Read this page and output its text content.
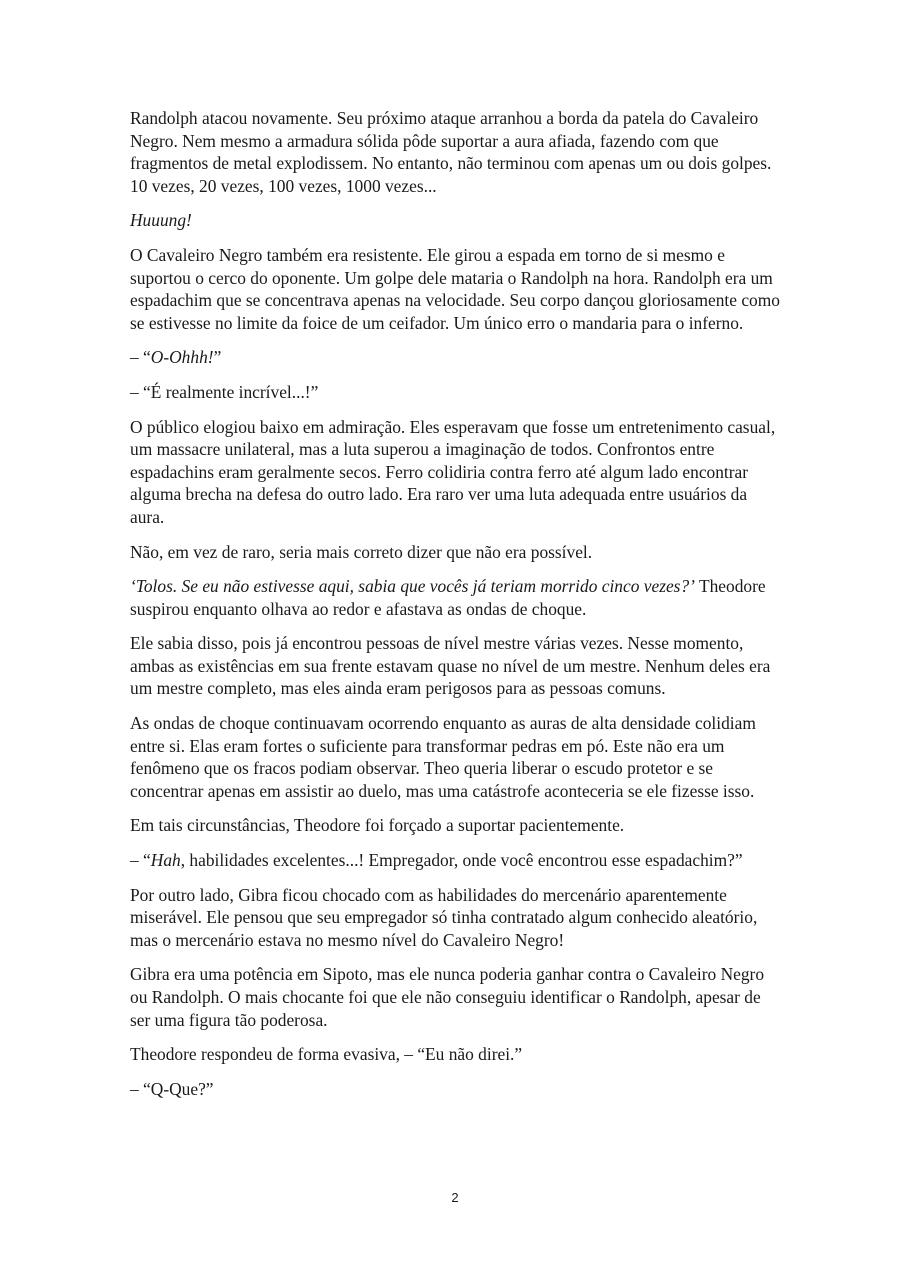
Randolph atacou novamente. Seu próximo ataque arranhou a borda da patela do Cavaleiro Negro. Nem mesmo a armadura sólida pôde suportar a aura afiada, fazendo com que fragmentos de metal explodissem. No entanto, não terminou com apenas um ou dois golpes. 10 vezes, 20 vezes, 100 vezes, 1000 vezes...

Huuung!

O Cavaleiro Negro também era resistente. Ele girou a espada em torno de si mesmo e suportou o cerco do oponente. Um golpe dele mataria o Randolph na hora. Randolph era um espadachim que se concentrava apenas na velocidade. Seu corpo dançou gloriosamente como se estivesse no limite da foice de um ceifador. Um único erro o mandaria para o inferno.

– “O-Ohhh!”

– “É realmente incrível...!”

O público elogiou baixo em admiração. Eles esperavam que fosse um entretenimento casual, um massacre unilateral, mas a luta superou a imaginação de todos. Confrontos entre espadachins eram geralmente secos. Ferro colidiria contra ferro até algum lado encontrar alguma brecha na defesa do outro lado. Era raro ver uma luta adequada entre usuários da aura.

Não, em vez de raro, seria mais correto dizer que não era possível.

‘Tolos. Se eu não estivesse aqui, sabia que vocês já teriam morrido cinco vezes?’ Theodore suspirou enquanto olhava ao redor e afastava as ondas de choque.

Ele sabia disso, pois já encontrou pessoas de nível mestre várias vezes. Nesse momento, ambas as existências em sua frente estavam quase no nível de um mestre. Nenhum deles era um mestre completo, mas eles ainda eram perigosos para as pessoas comuns.

As ondas de choque continuavam ocorrendo enquanto as auras de alta densidade colidiam entre si. Elas eram fortes o suficiente para transformar pedras em pó. Este não era um fenômeno que os fracos podiam observar. Theo queria liberar o escudo protetor e se concentrar apenas em assistir ao duelo, mas uma catástrofe aconteceria se ele fizesse isso.

Em tais circunstâncias, Theodore foi forçado a suportar pacientemente.

– “Hah, habilidades excelentes...! Empregador, onde você encontrou esse espadachim?”

Por outro lado, Gibra ficou chocado com as habilidades do mercenário aparentemente miserável. Ele pensou que seu empregador só tinha contratado algum conhecido aleatório, mas o mercenário estava no mesmo nível do Cavaleiro Negro!

Gibra era uma potência em Sipoto, mas ele nunca poderia ganhar contra o Cavaleiro Negro ou Randolph. O mais chocante foi que ele não conseguiu identificar o Randolph, apesar de ser uma figura tão poderosa.

Theodore respondeu de forma evasiva, – “Eu não direi.”

– “Q-Que?”

2
